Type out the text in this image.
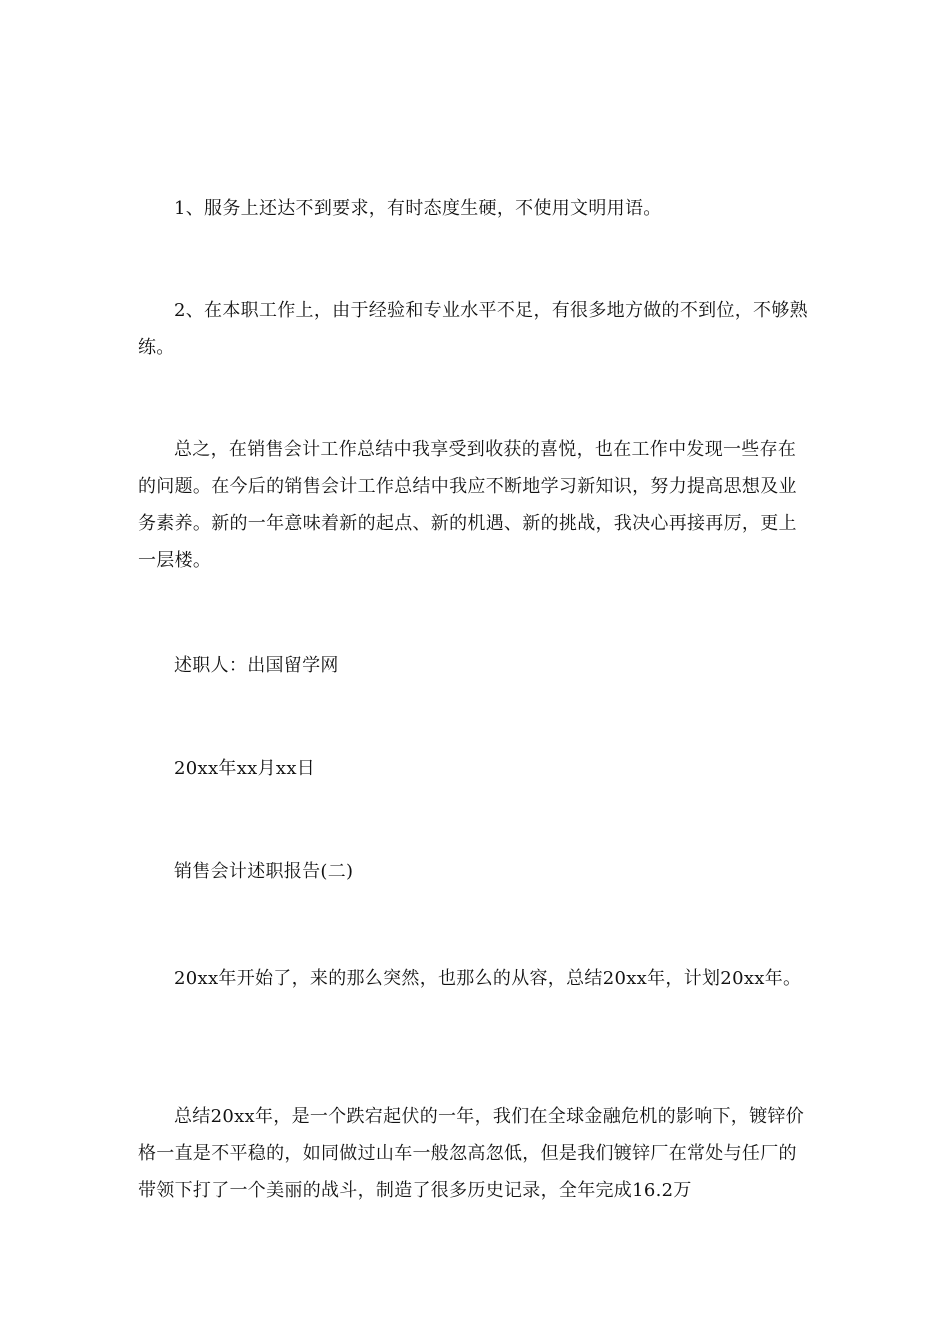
1、服务上还达不到要求，有时态度生硬，不使用文明用语。

2、在本职工作上，由于经验和专业水平不足，有很多地方做的不到位，不够熟练。

总之，在销售会计工作总结中我享受到收获的喜悦，也在工作中发现一些存在的问题。在今后的销售会计工作总结中我应不断地学习新知识，努力提高思想及业务素养。新的一年意味着新的起点、新的机遇、新的挑战，我决心再接再厉，更上一层楼。

述职人：出国留学网

20xx年xx月xx日

销售会计述职报告(二)

20xx年开始了，来的那么突然，也那么的从容，总结20xx年，计划20xx年。

总结20xx年，是一个跌宕起伏的一年，我们在全球金融危机的影响下，镀锌价格一直是不平稳的，如同做过山车一般忽高忽低，但是我们镀锌厂在常处与任厂的带领下打了一个美丽的战斗，制造了很多历史记录，全年完成16.2万
